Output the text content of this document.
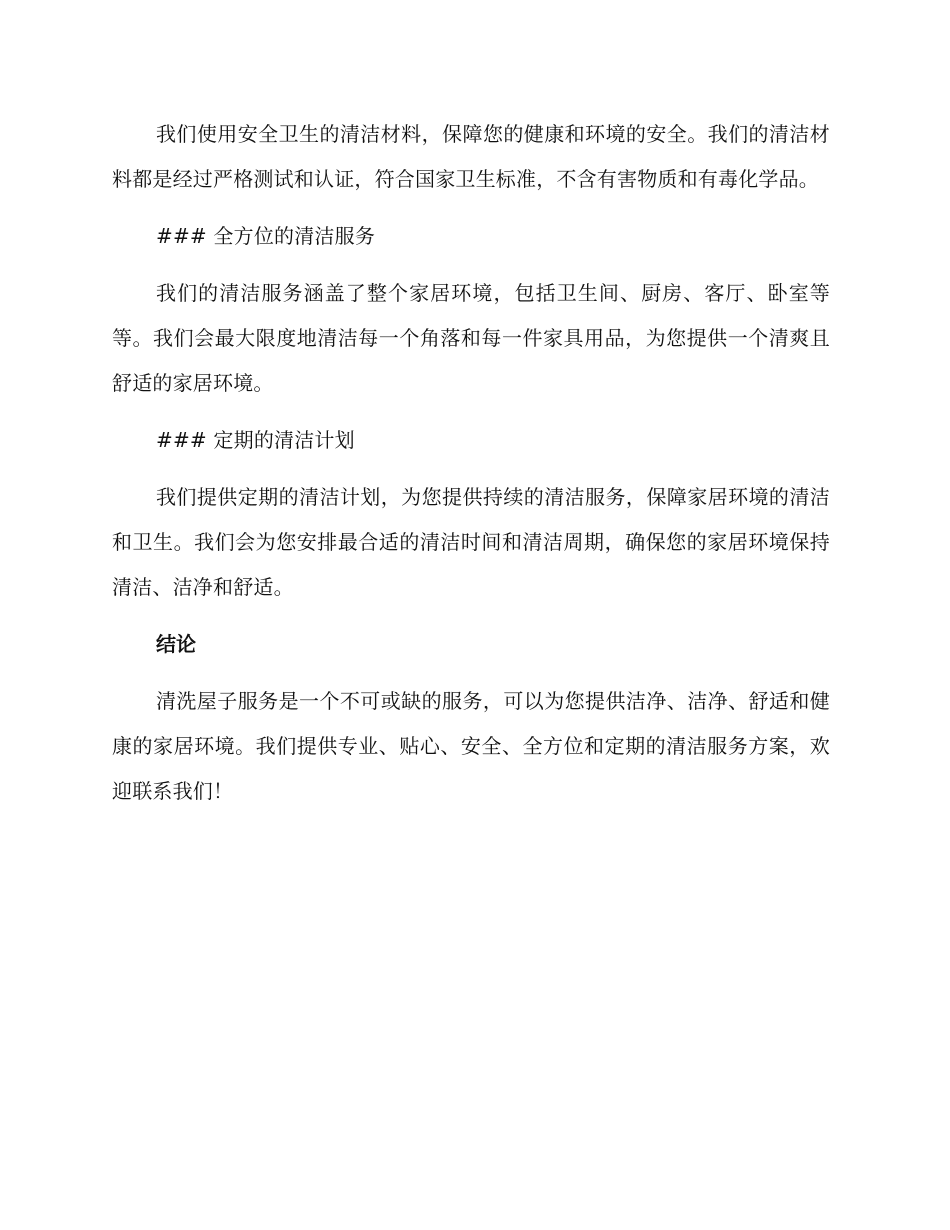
我们使用安全卫生的清洁材料，保障您的健康和环境的安全。我们的清洁材料都是经过严格测试和认证，符合国家卫生标准，不含有害物质和有毒化学品。

### 全方位的清洁服务

我们的清洁服务涵盖了整个家居环境，包括卫生间、厨房、客厅、卧室等等。我们会最大限度地清洁每一个角落和每一件家具用品，为您提供一个清爽且舒适的家居环境。

### 定期的清洁计划

我们提供定期的清洁计划，为您提供持续的清洁服务，保障家居环境的清洁和卫生。我们会为您安排最合适的清洁时间和清洁周期，确保您的家居环境保持清洁、洁净和舒适。

结论

清洗屋子服务是一个不可或缺的服务，可以为您提供洁净、洁净、舒适和健康的家居环境。我们提供专业、贴心、安全、全方位和定期的清洁服务方案，欢迎联系我们！
